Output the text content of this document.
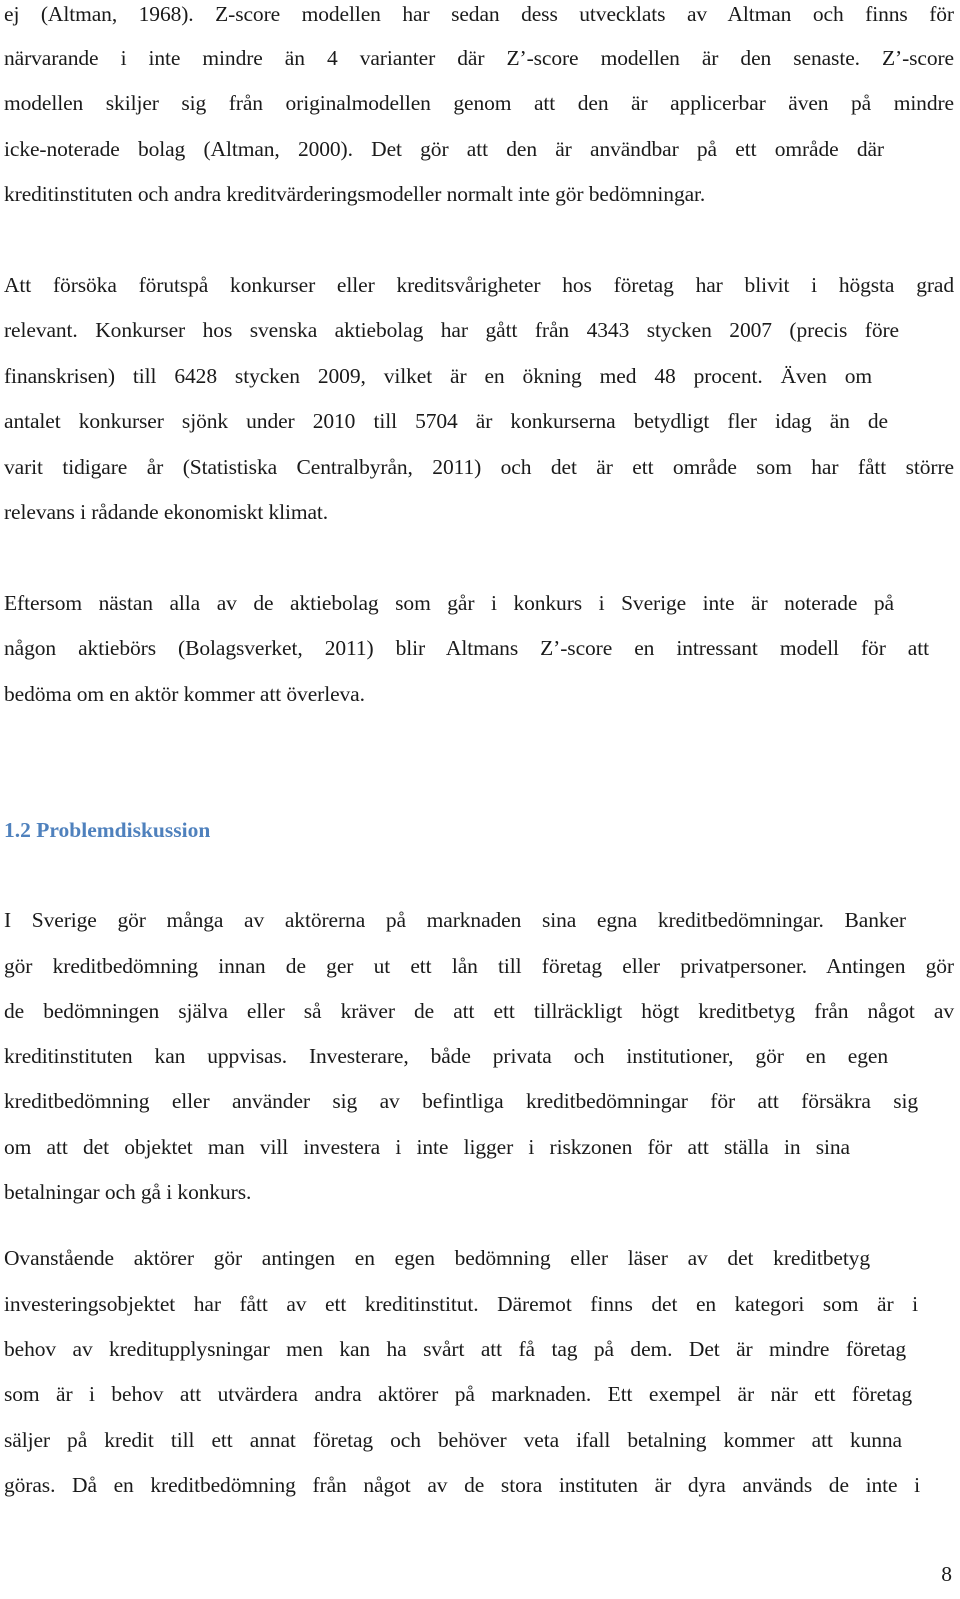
ej (Altman, 1968). Z-score modellen har sedan dess utvecklats av Altman och finns för
närvarande i inte mindre än 4 varianter där Z’-score modellen är den senaste. Z’-score
modellen skiljer sig från originalmodellen genom att den är applicerbar även på mindre
icke-noterade bolag (Altman, 2000). Det gör att den är användbar på ett område där
kreditinstituten och andra kreditvärderingsmodeller normalt inte gör bedömningar.
Att försöka förutspå konkurser eller kreditsvårigheter hos företag har blivit i högsta grad
relevant. Konkurser hos svenska aktiebolag har gått från 4343 stycken 2007 (precis före
finanskrisen) till 6428 stycken 2009, vilket är en ökning med 48 procent. Även om
antalet konkurser sjönk under 2010 till 5704 är konkurserna betydligt fler idag än de
varit tidigare år (Statistiska Centralbyrån, 2011) och det är ett område som har fått större
relevans i rådande ekonomiskt klimat.
Eftersom nästan alla av de aktiebolag som går i konkurs i Sverige inte är noterade på
någon aktiebörs (Bolagsverket, 2011) blir Altmans Z’-score en intressant modell för att
bedöma om en aktör kommer att överleva.
1.2 Problemdiskussion
I Sverige gör många av aktörerna på marknaden sina egna kreditbedömningar. Banker
gör kreditbedömning innan de ger ut ett lån till företag eller privatpersoner. Antingen gör
de bedömningen själva eller så kräver de att ett tillräckligt högt kreditbetyg från något av
kreditinstituten kan uppvisas. Investerare, både privata och institutioner, gör en egen
kreditbedömning eller använder sig av befintliga kreditbedömningar för att försäkra sig
om att det objektet man vill investera i inte ligger i riskzonen för att ställa in sina
betalningar och gå i konkurs.
Ovanstående aktörer gör antingen en egen bedömning eller läser av det kreditbetyg
investeringsobjektet har fått av ett kreditinstitut. Däremot finns det en kategori som är i
behov av kreditupplysningar men kan ha svårt att få tag på dem. Det är mindre företag
som är i behov att utvärdera andra aktörer på marknaden. Ett exempel är när ett företag
säljer på kredit till ett annat företag och behöver veta ifall betalning kommer att kunna
göras. Då en kreditbedömning från något av de stora instituten är dyra används de inte i
8
